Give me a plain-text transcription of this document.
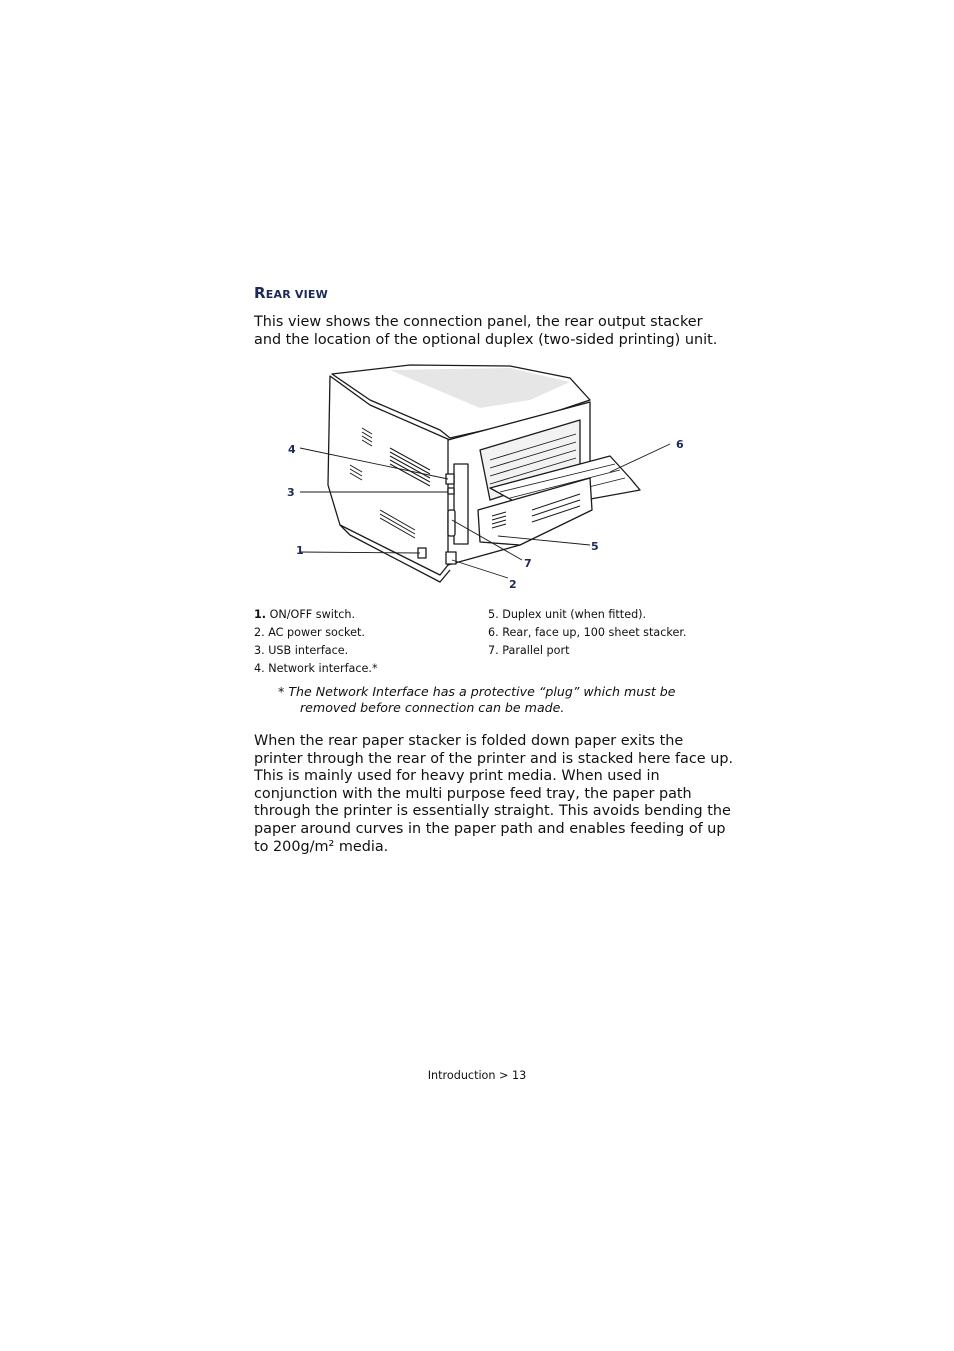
REAR VIEW

This view shows the connection panel, the rear output stacker and the location of the optional duplex (two-sided printing) unit.

4
3
1
6
5
7
2
1. ON/OFF switch.
2. AC power socket.
3. USB interface.
4. Network interface.*
5. Duplex unit (when fitted).
6. Rear, face up, 100 sheet stacker.
7. Parallel port
* The Network Interface has a protective “plug” which must be
removed before connection can be made.

When the rear paper stacker is folded down paper exits the printer through the rear of the printer and is stacked here face up. This is mainly used for heavy print media. When used in conjunction with the multi purpose feed tray, the paper path through the printer is essentially straight. This avoids bending the paper around curves in the paper path and enables feeding of up to 200g/m² media.

Introduction > 13
